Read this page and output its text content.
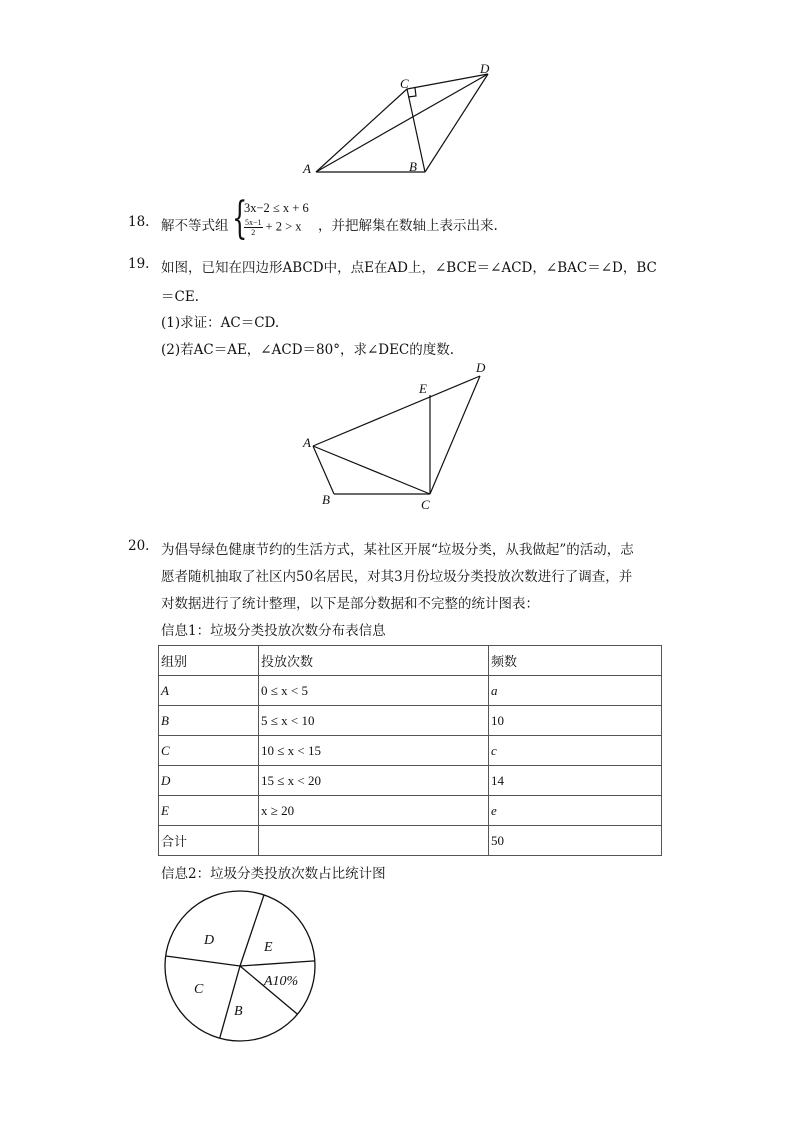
C
D
A	B
18. 解不等式组 {
3x−2 ≤ x + 6
$\frac{5x-1}{2} + 2 > x$ ，并把解集在数轴上表示出来.
19. 如图，已知在四边形ABCD中，点E在AD上，∠BCE＝∠ACD，∠BAC＝∠D，BC
＝CE.
(1)求证：AC＝CD.
(2)若AC＝AE，∠ACD＝80°，求∠DEC的度数.
E
D
A
B	C
20. 为倡导绿色健康节约的生活方式，某社区开展“垃圾分类，从我做起”的活动，志
愿者随机抽取了社区内50名居民，对其3月份垃圾分类投放次数进行了调查，并
对数据进行了统计整理，以下是部分数据和不完整的统计图表：
信息1：垃圾分类投放次数分布表信息
组别	投放次数	频数
A	0 ≤ x < 5	a
B	5 ≤ x < 10	10
C	10 ≤ x < 15	c
D	15 ≤ x < 20	14
E	x ≥ 20	e
合计		50
信息2：垃圾分类投放次数占比统计图
D	E
A10%
C
B
